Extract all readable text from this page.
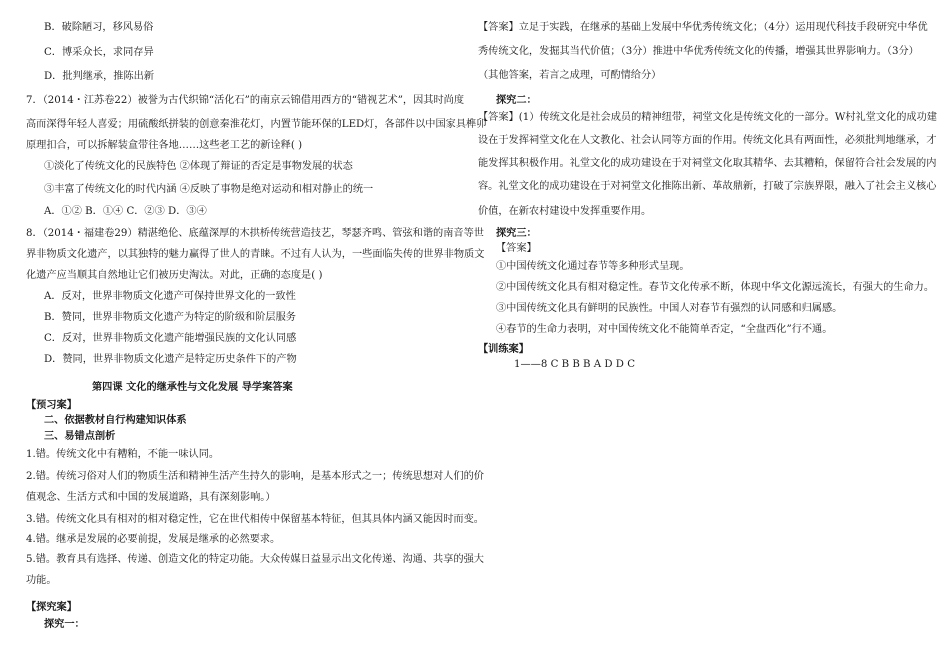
B．破除陋习，移风易俗
C．博采众长，求同存异
D．批判继承，推陈出新
7．（2014・江苏卷22）被誉为古代织锦“活化石”的南京云锦借用西方的“错视艺术”，因其时尚度
高而深得年轻人喜爱；用硫酸纸拼装的创意秦淮花灯，内置节能环保的LED灯，各部件以中国家具榫卯
原理扣合，可以拆解装盒带往各地……这些老工艺的新诠释( )
①淡化了传统文化的民族特色 ②体现了辩证的否定是事物发展的状态
③丰富了传统文化的时代内涵 ④反映了事物是绝对运动和相对静止的统一
A．①② B．①④ C．②③ D．③④
8．（2014・福建卷29）精湛绝伦、底蕴深厚的木拱桥传统营造技艺，琴瑟齐鸣、管弦和谐的南音等世
界非物质文化遗产，以其独特的魅力赢得了世人的青睐。不过有人认为，一些面临失传的世界非物质文
化遗产应当顺其自然地让它们被历史淘汰。对此，正确的态度是( )
A．反对，世界非物质文化遗产可保持世界文化的一致性
B．赞同，世界非物质文化遗产为特定的阶级和阶层服务
C．反对，世界非物质文化遗产能增强民族的文化认同感
D．赞同，世界非物质文化遗产是特定历史条件下的产物
第四课 文化的继承性与文化发展 导学案答案
【预习案】
二、依据教材自行构建知识体系
三、易错点剖析
1.错。传统文化中有糟粕，不能一味认同。
2.错。传统习俗对人们的物质生活和精神生活产生持久的影响，是基本形式之一；传统思想对人们的价
值观念、生活方式和中国的发展道路，具有深刻影响。）
3.错。传统文化具有相对的相对稳定性，它在世代相传中保留基本特征，但其具体内涵又能因时而变。
4.错。继承是发展的必要前提，发展是继承的必然要求。
5.错。教育具有选择、传递、创造文化的特定功能。大众传媒日益显示出文化传递、沟通、共享的强大
功能。
【探究案】
探究一：
【答案】立足于实践，在继承的基础上发展中华优秀传统文化；（4分）运用现代科技手段研究中华优
秀传统文化，发掘其当代价值；（3分）推进中华优秀传统文化的传播，增强其世界影响力。（3分）
（其他答案，若言之成理，可酌情给分）
探究二：
【答案】(1）传统文化是社会成员的精神纽带，祠堂文化是传统文化的一部分。W村礼堂文化的成功建
设在于发挥祠堂文化在人文教化、社会认同等方面的作用。传统文化具有两面性，必须批判地继承，才
能发挥其积极作用。礼堂文化的成功建设在于对祠堂文化取其精华、去其糟粕，保留符合社会发展的内
容。礼堂文化的成功建设在于对祠堂文化推陈出新、革故鼎新，打破了宗族界限，融入了社会主义核心
价值，在新农村建设中发挥重要作用。
探究三：
【答案】
①中国传统文化通过春节等多种形式呈现。
②中国传统文化具有相对稳定性。春节文化传承不断，体现中华文化源远流长，有强大的生命力。
③中国传统文化具有鲜明的民族性。中国人对春节有强烈的认同感和归属感。
④春节的生命力表明，对中国传统文化不能简单否定，“全盘西化”行不通。
【训练案】
1——8 C B B B A D D C
